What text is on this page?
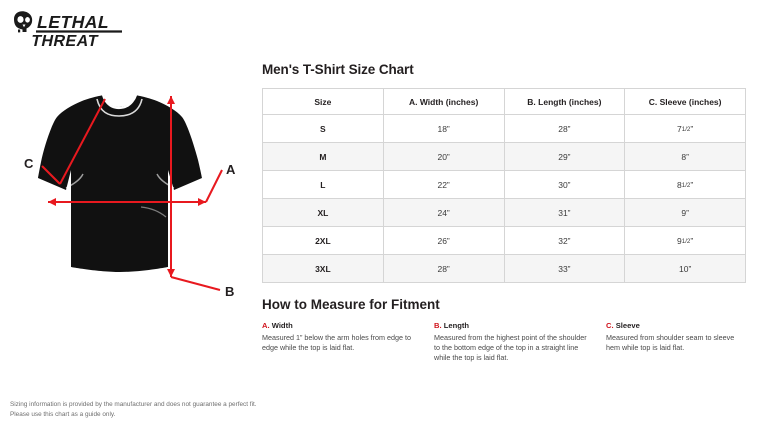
LETHAL
THREAT
A
B
C
Men's T-Shirt Size Chart
Size	A. Width (inches)	B. Length (inches)	C. Sleeve (inches)
S	18”	28”	71/2”
M	20”	29”	8”
L	22”	30”	81/2”
XL	24”	31”	9”
2XL	26”	32”	91/2”
3XL	28”	33”	10”
How to Measure for Fitment
A. Width
Measured 1” below the arm holes from edge to edge while the top is laid flat.
B. Length
Measured from the highest point of the shoulder to the bottom edge of the top in a straight line while the top is laid flat.
C. Sleeve
Measured from shoulder seam to sleeve hem while top is laid flat.
Sizing information is provided by the manufacturer and does not guarantee a perfect fit.
Please use this chart as a guide only.
